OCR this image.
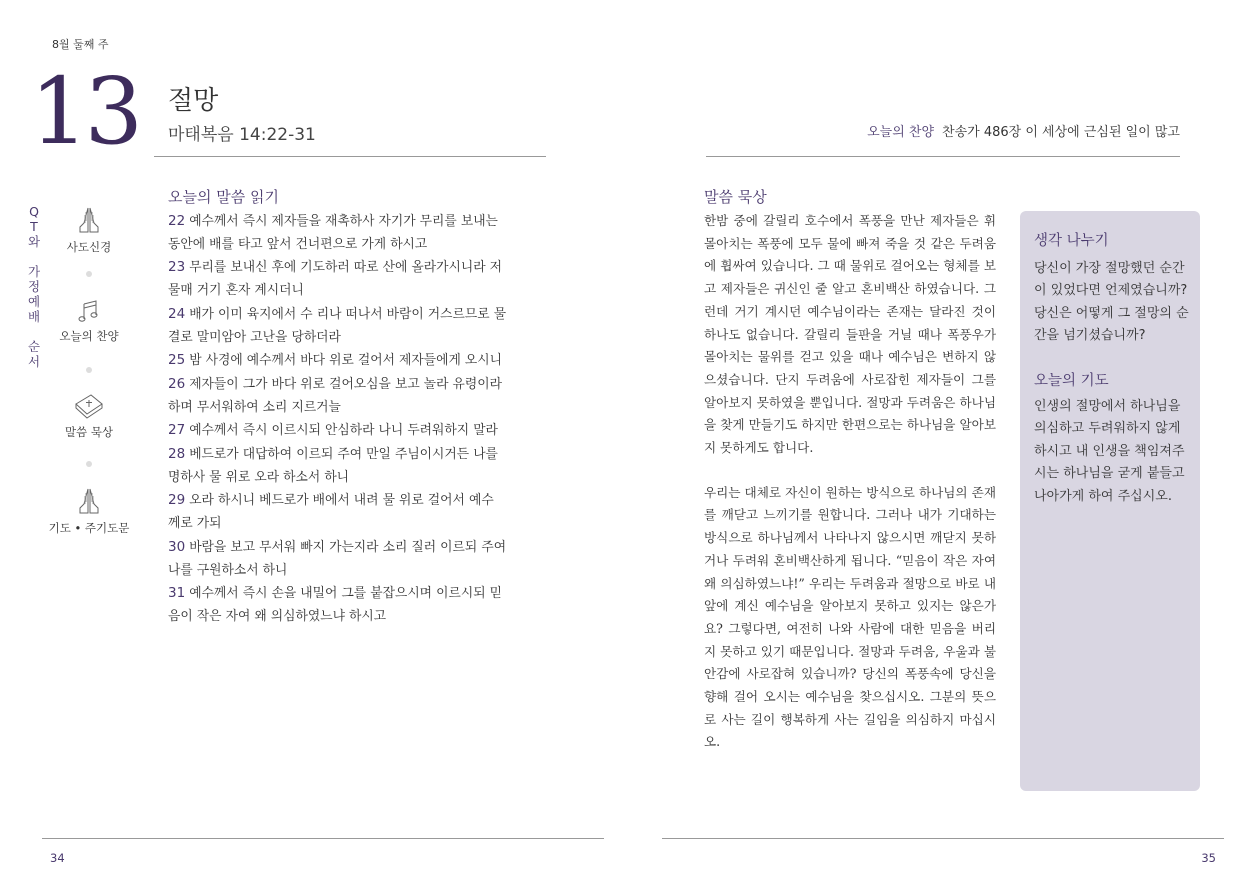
8월 둘째 주
13 절망
마태복음 14:22-31	오늘의 찬양 찬송가 486장 이 세상에 근심된 일이 많고
Q
T
와
가
정
예
배
순
서
사도신경
오늘의 찬양
말씀 묵상
기도 • 주기도문
오늘의 말씀 읽기
22 예수께서 즉시 제자들을 재촉하사 자기가 무리를 보내는
동안에 배를 타고 앞서 건너편으로 가게 하시고
23 무리를 보내신 후에 기도하러 따로 산에 올라가시니라 저
물매 거기 혼자 계시더니
24 배가 이미 육지에서 수 리나 떠나서 바람이 거스르므로 물
결로 말미암아 고난을 당하더라
25 밤 사경에 예수께서 바다 위로 걸어서 제자들에게 오시니
26 제자들이 그가 바다 위로 걸어오심을 보고 놀라 유령이라
하며 무서워하여 소리 지르거늘
27 예수께서 즉시 이르시되 안심하라 나니 두려워하지 말라
28 베드로가 대답하여 이르되 주여 만일 주님이시거든 나를
명하사 물 위로 오라 하소서 하니
29 오라 하시니 베드로가 배에서 내려 물 위로 걸어서 예수
께로 가되
30 바람을 보고 무서워 빠지 가는지라 소리 질러 이르되 주여
나를 구원하소서 하니
31 예수께서 즉시 손을 내밀어 그를 붙잡으시며 이르시되 믿
음이 작은 자여 왜 의심하였느냐 하시고
말씀 묵상

한밤 중에 갈릴리 호수에서 폭풍을 만난 제자들은 휘몰아치는 폭풍에 모두 물에 빠져 죽을 것 같은 두려움에 휩싸여 있습니다. 그 때 물위로 걸어오는 형체를 보고 제자들은 귀신인 줄 알고 혼비백산 하였습니다. 그런데 거기 계시던 예수님이라는 존재는 달라진 것이 하나도 없습니다. 갈릴리 들판을 거닐 때나 폭풍우가 몰아치는 물위를 걷고 있을 때나 예수님은 변하지 않으셨습니다. 단지 두려움에 사로잡힌 제자들이 그를 알아보지 못하였을 뿐입니다. 절망과 두려움은 하나님을 찾게 만들기도 하지만 한편으로는 하나님을 알아보지 못하게도 합니다.

우리는 대체로 자신이 원하는 방식으로 하나님의 존재를 깨닫고 느끼기를 원합니다. 그러나 내가 기대하는 방식으로 하나님께서 나타나지 않으시면 깨닫지 못하거나 두려워 혼비백산하게 됩니다. “믿음이 작은 자여 왜 의심하였느냐!” 우리는 두려움과 절망으로 바로 내 앞에 계신 예수님을 알아보지 못하고 있지는 않은가요? 그렇다면, 여전히 나와 사람에 대한 믿음을 버리지 못하고 있기 때문입니다. 절망과 두려움, 우울과 불안감에 사로잡혀 있습니까? 당신의 폭풍속에 당신을 향해 걸어 오시는 예수님을 찾으십시오. 그분의 뜻으로 사는 길이 행복하게 사는 길임을 의심하지 마십시오.

생각 나누기
당신이 가장 절망했던 순간이 있었다면 언제였습니까? 당신은 어떻게 그 절망의 순간을 넘기셨습니까?
오늘의 기도
인생의 절망에서 하나님을 의심하고 두려워하지 않게 하시고 내 인생을 책임져주시는 하나님을 굳게 붙들고 나아가게 하여 주십시오.
34	35
